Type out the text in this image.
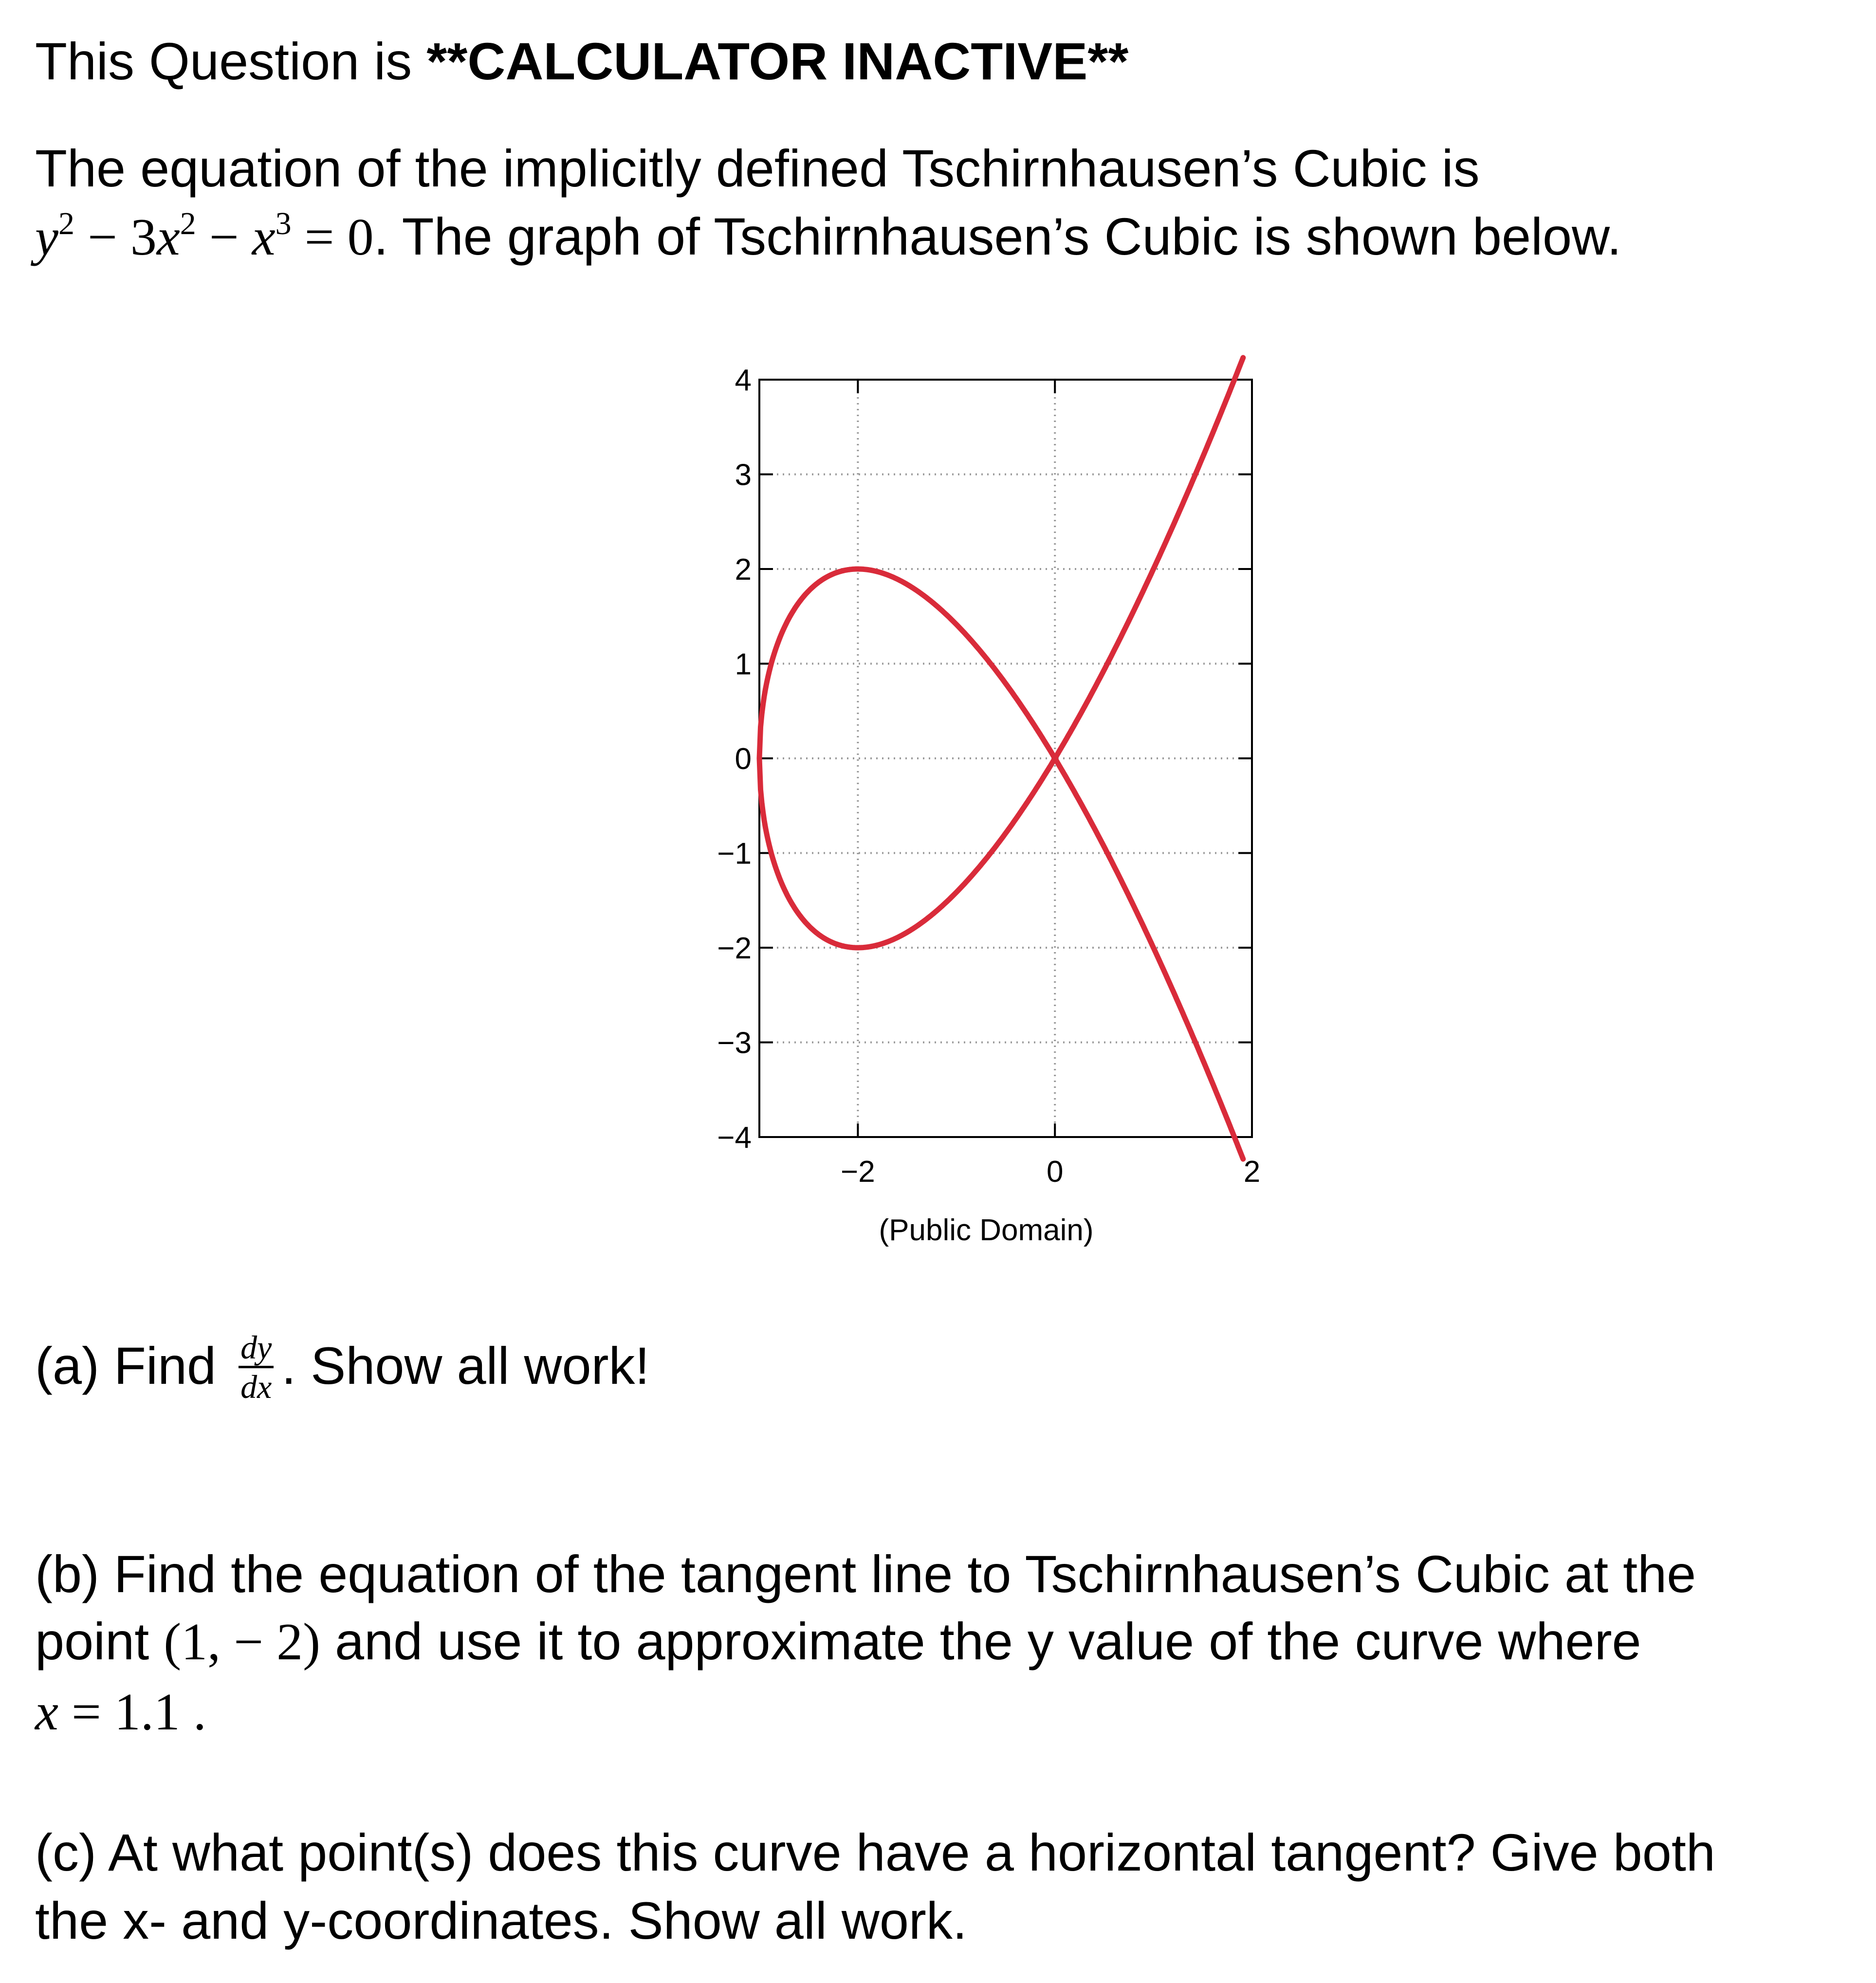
This Question is **CALCULATOR INACTIVE**
The equation of the implicitly defined Tschirnhausen’s Cubic is
$y^2 - 3x^2 - x^3 = 0$. The graph of Tschirnhausen’s Cubic is shown below.
4
3
2
1
0
−1
−2
−3
−4
−2	0	2
(Public Domain)
(a) Find $\frac{dy}{dx}$ . Show all work!
(b) Find the equation of the tangent line to Tschirnhausen’s Cubic at the
point (1, − 2) and use it to approximate the y value of the curve where
x = 1.1 .
(c) At what point(s) does this curve have a horizontal tangent? Give both
the x- and y-coordinates. Show all work.
